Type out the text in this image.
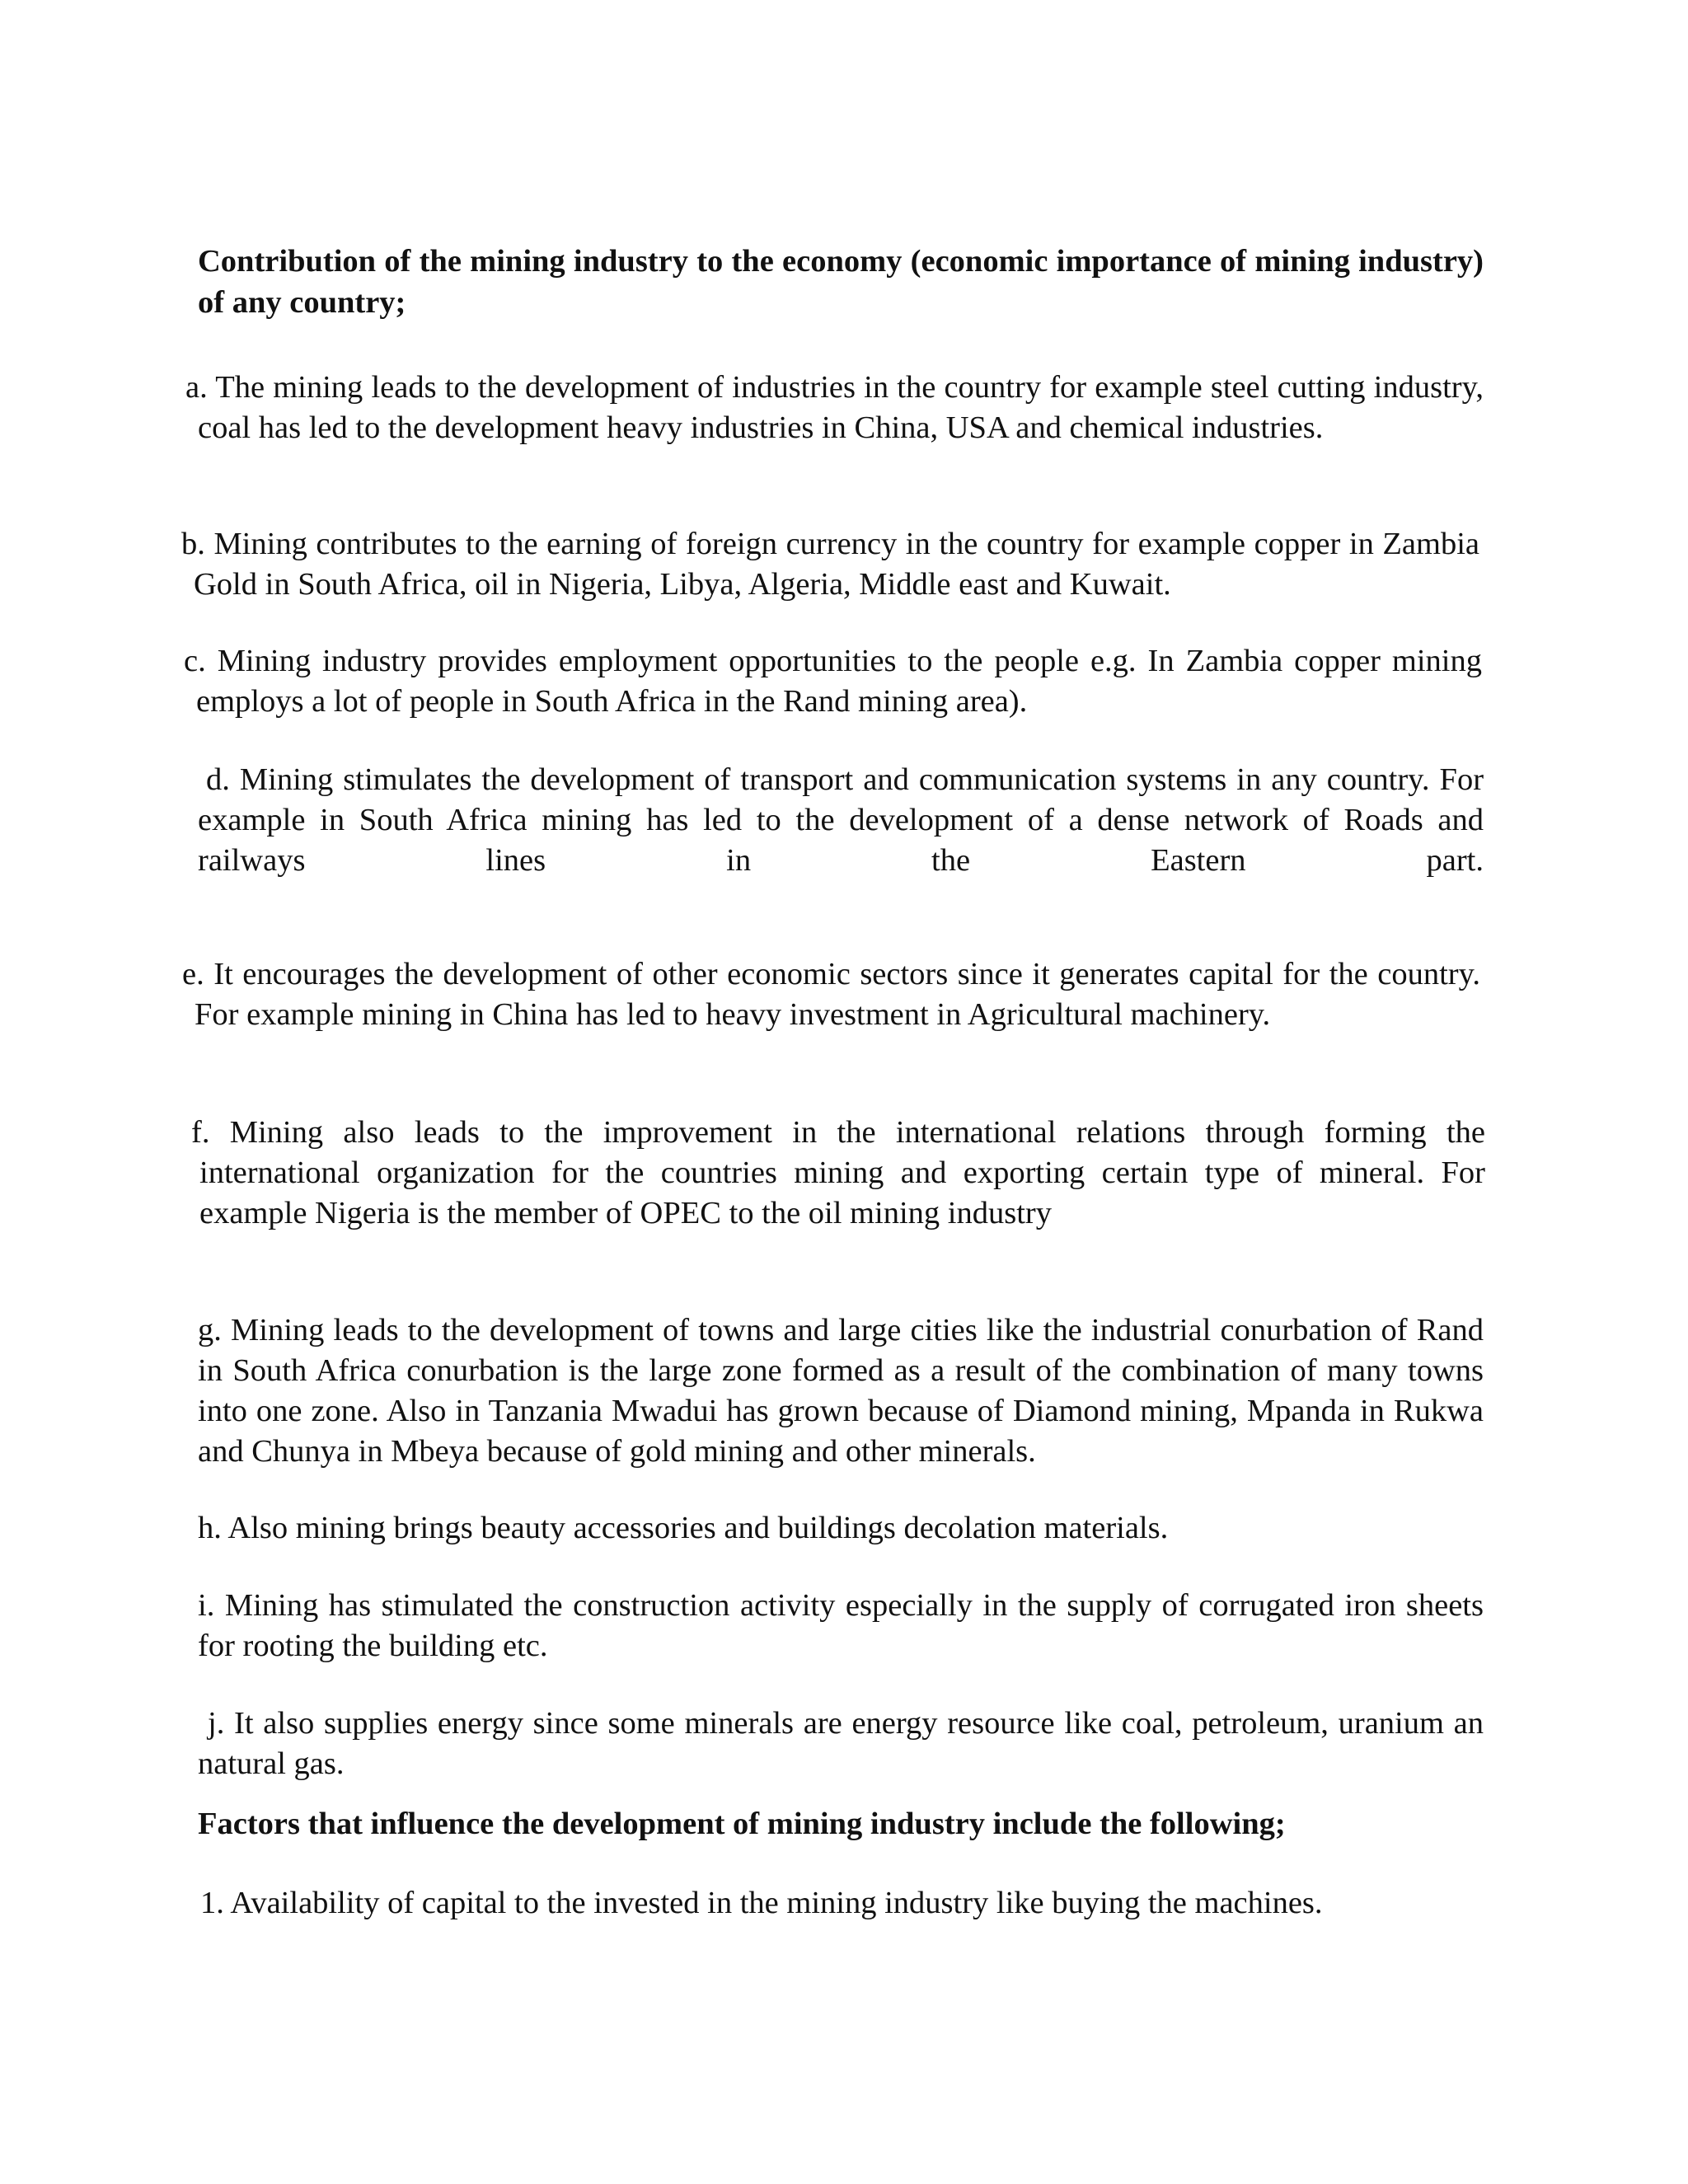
Contribution of the mining industry to the economy (economic importance of mining industry) of any country;

a. The mining leads to the development of industries in the country for example steel cutting industry, coal has led to the development heavy industries in China, USA and chemical industries.

b. Mining contributes to the earning of foreign currency in the country for example copper in Zambia Gold in South Africa, oil in Nigeria, Libya, Algeria, Middle east and Kuwait.

c. Mining industry provides employment opportunities to the people e.g. In Zambia copper mining employs a lot of people in South Africa in the Rand mining area).

d. Mining stimulates the development of transport and communication systems in any country. For example in South Africa mining has led to the development of a dense network of Roads and railways lines in the Eastern part.

e. It encourages the development of other economic sectors since it generates capital for the country. For example mining in China has led to heavy investment in Agricultural machinery.

f. Mining also leads to the improvement in the international relations through forming the international organization for the countries mining and exporting certain type of mineral. For example Nigeria is the member of OPEC to the oil mining industry

g. Mining leads to the development of towns and large cities like the industrial conurbation of Rand in South Africa conurbation is the large zone formed as a result of the combination of many towns into one zone. Also in Tanzania Mwadui has grown because of Diamond mining, Mpanda in Rukwa and Chunya in Mbeya because of gold mining and other minerals.

h. Also mining brings beauty accessories and buildings decolation materials.

i. Mining has stimulated the construction activity especially in the supply of corrugated iron sheets for rooting the building etc.

j. It also supplies energy since some minerals are energy resource like coal, petroleum, uranium an natural gas.

Factors that influence the development of mining industry include the following;

1. Availability of capital to the invested in the mining industry like buying the machines.
